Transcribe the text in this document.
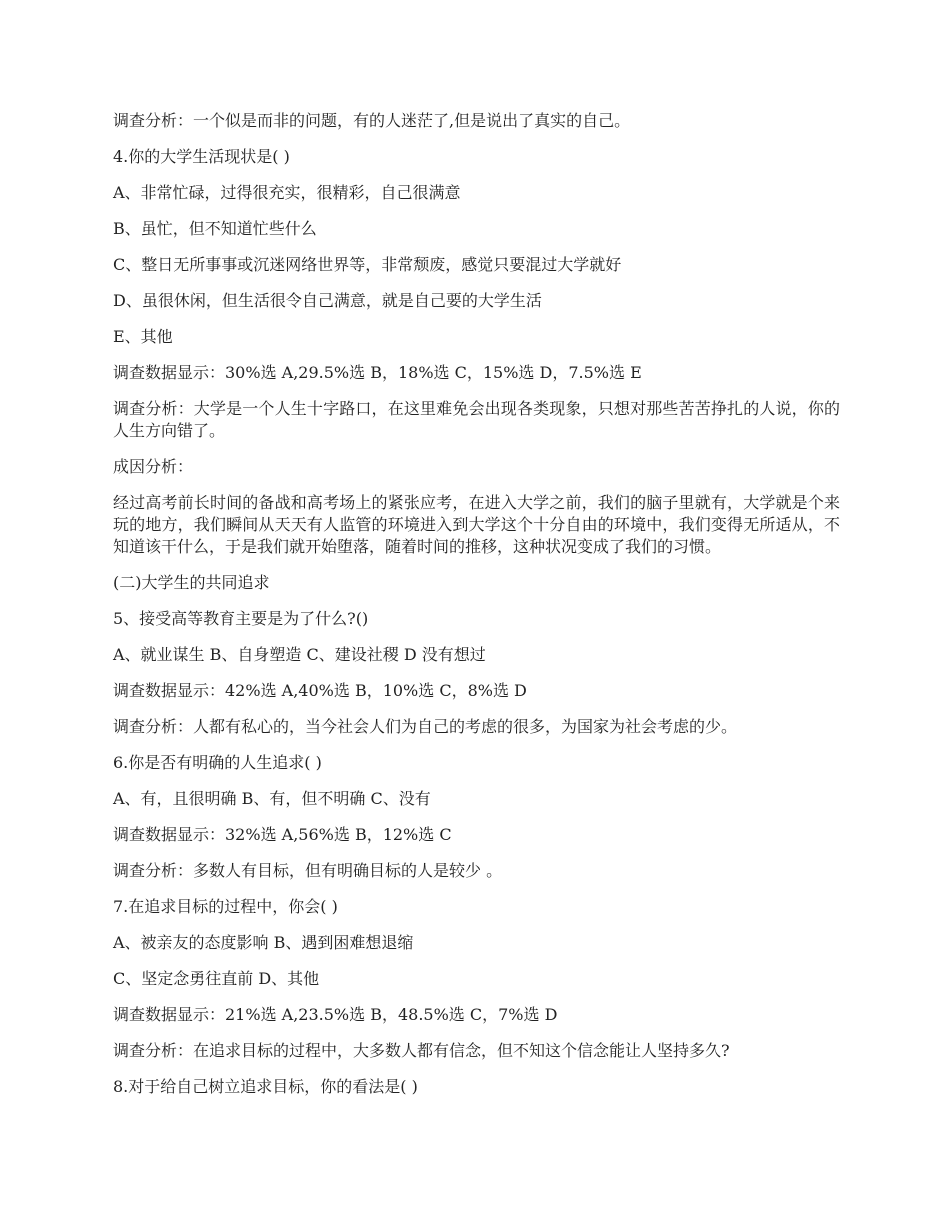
调查分析：一个似是而非的问题，有的人迷茫了,但是说出了真实的自己。

4.你的大学生活现状是( )

A、非常忙碌，过得很充实，很精彩，自己很满意

B、虽忙，但不知道忙些什么

C、整日无所事事或沉迷网络世界等，非常颓废，感觉只要混过大学就好

D、虽很休闲，但生活很令自己满意，就是自己要的大学生活

E、其他

调查数据显示：30%选 A,29.5%选 B，18%选 C，15%选 D，7.5%选 E

调查分析：大学是一个人生十字路口，在这里难免会出现各类现象，只想对那些苦苦挣扎的人说，你的人生方向错了。

成因分析：

经过高考前长时间的备战和高考场上的紧张应考，在进入大学之前，我们的脑子里就有，大学就是个来玩的地方，我们瞬间从天天有人监管的环境进入到大学这个十分自由的环境中，我们变得无所适从，不知道该干什么，于是我们就开始堕落，随着时间的推移，这种状况变成了我们的习惯。

(二)大学生的共同追求

5、接受高等教育主要是为了什么?()

A、就业谋生 B、自身塑造 C、建设社稷 D 没有想过

调查数据显示：42%选 A,40%选 B，10%选 C，8%选 D

调查分析：人都有私心的，当今社会人们为自己的考虑的很多，为国家为社会考虑的少。

6.你是否有明确的人生追求( )

A、有，且很明确 B、有，但不明确 C、没有

调查数据显示：32%选 A,56%选 B，12%选 C

调查分析：多数人有目标，但有明确目标的人是较少 。

7.在追求目标的过程中，你会( )

A、被亲友的态度影响 B、遇到困难想退缩

C、坚定念勇往直前 D、其他

调查数据显示：21%选 A,23.5%选 B，48.5%选 C，7%选 D

调查分析：在追求目标的过程中，大多数人都有信念，但不知这个信念能让人坚持多久?

8.对于给自己树立追求目标，你的看法是( )
